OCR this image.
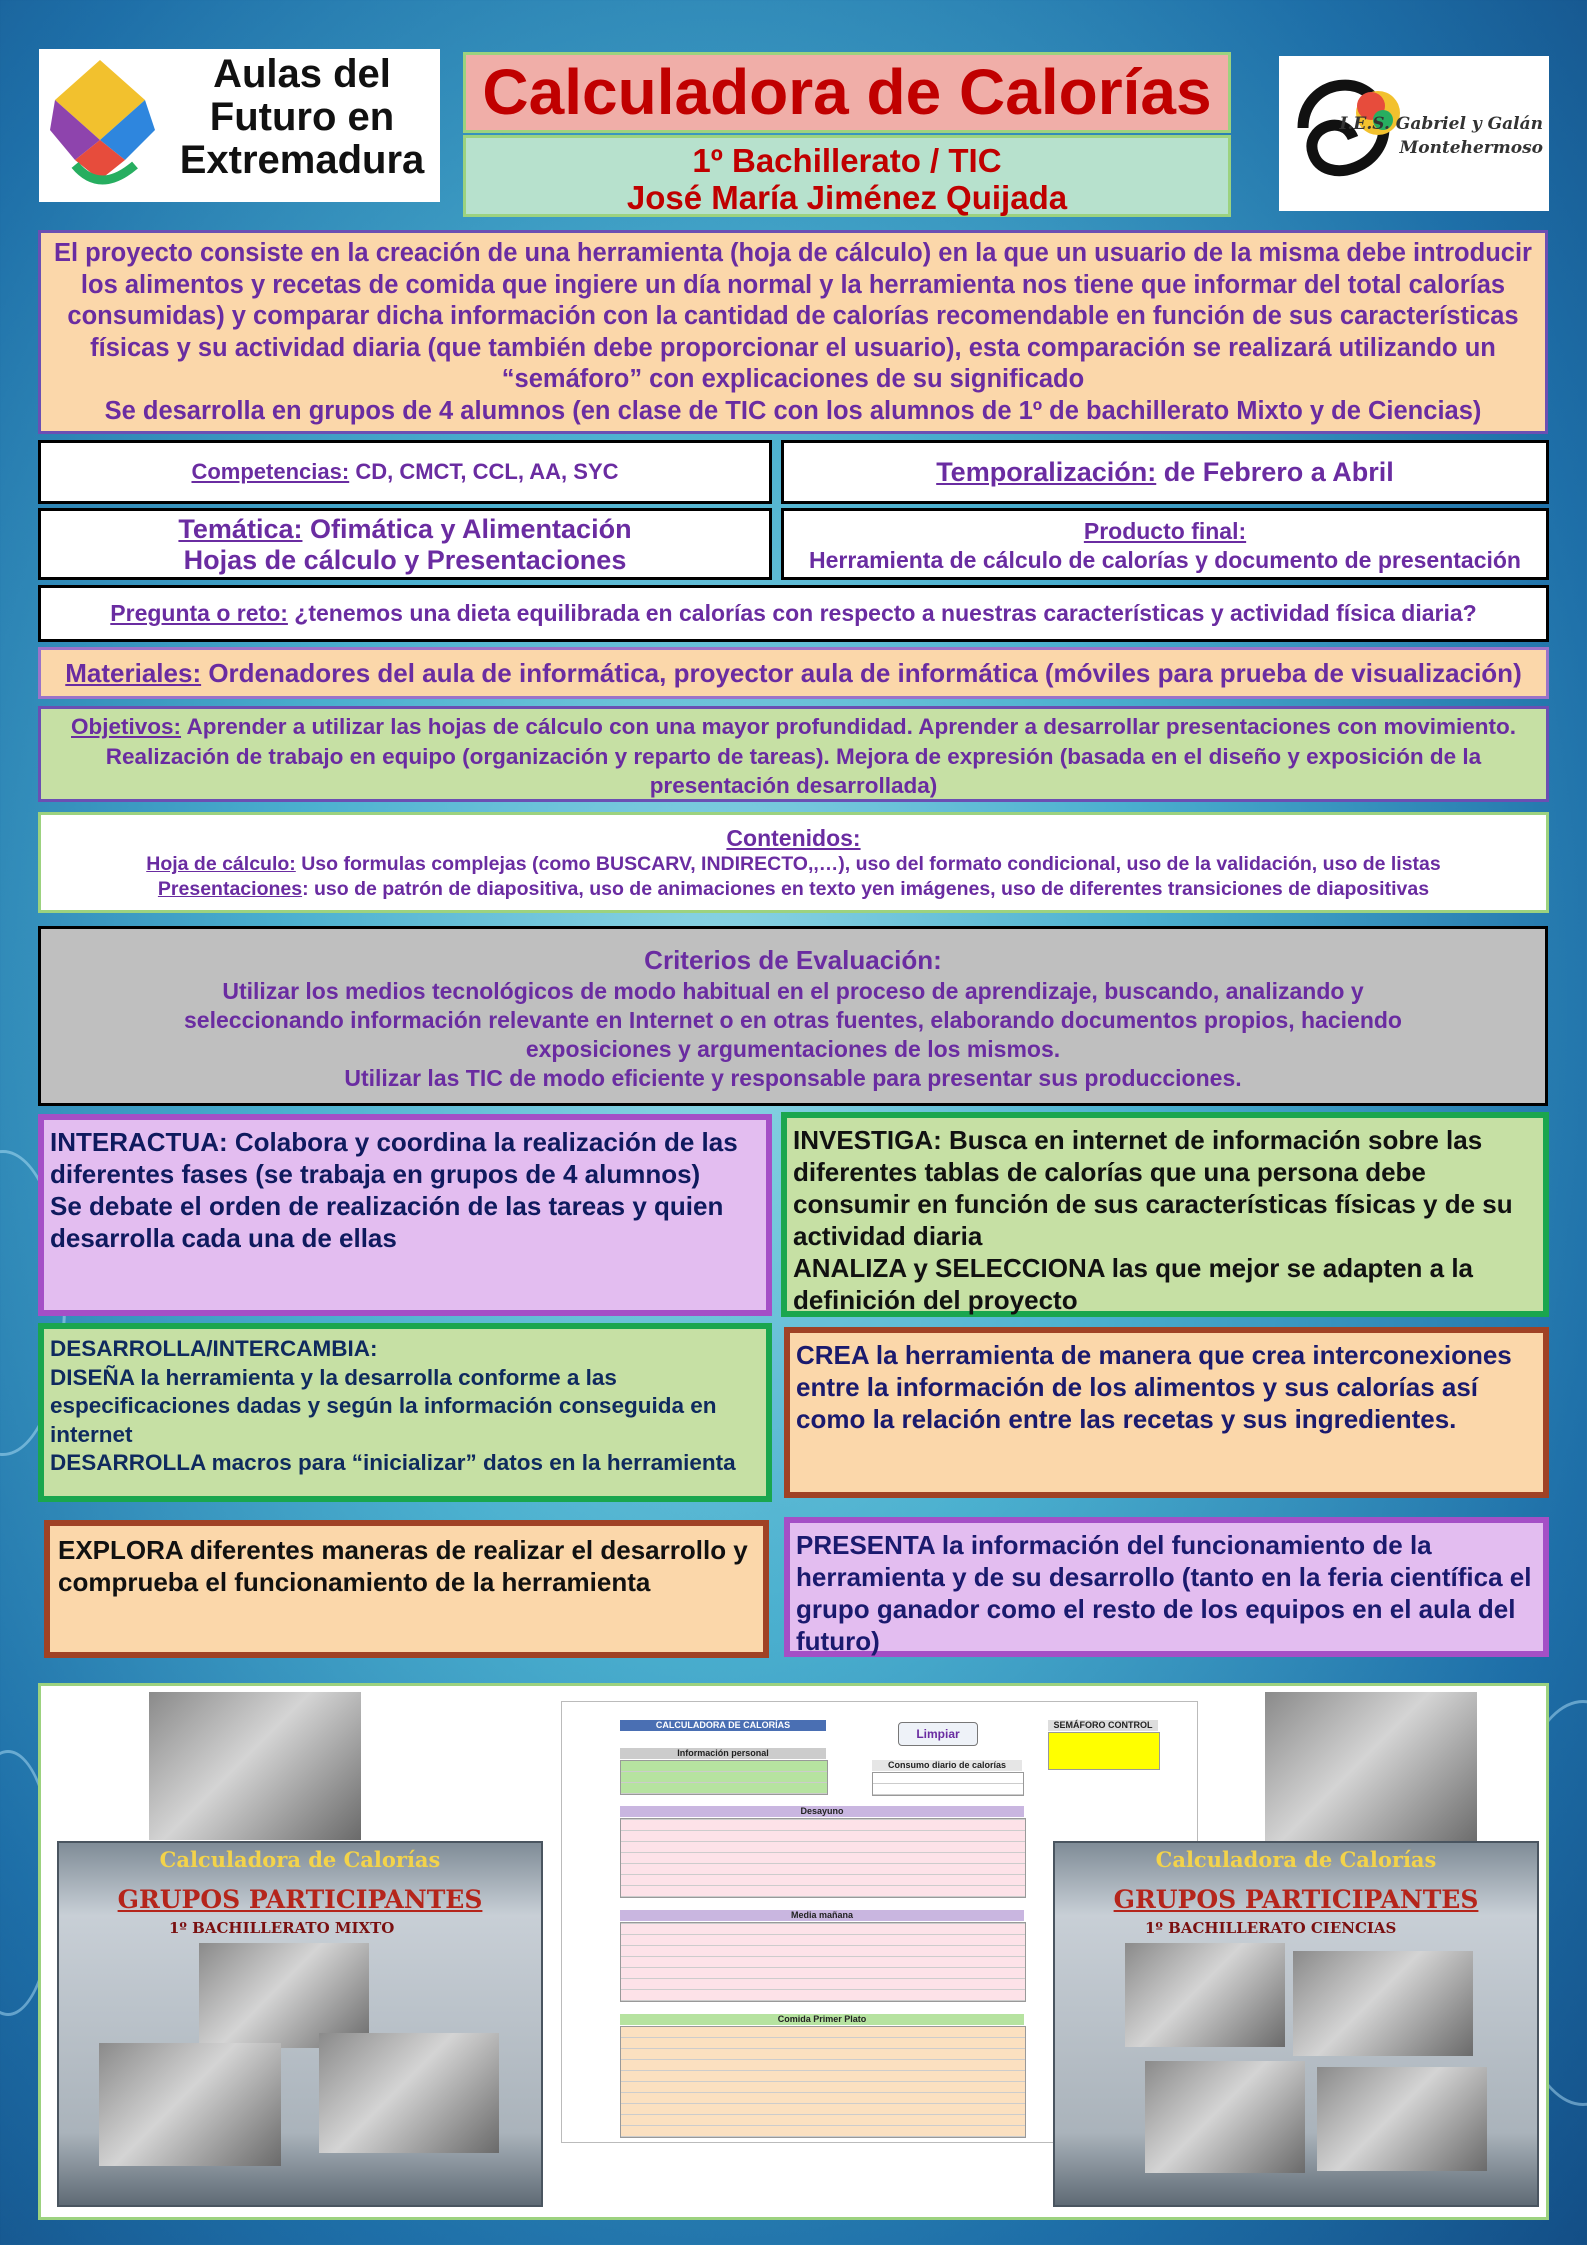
Aulas del Futuro en Extremadura
Calculadora de Calorías
1º Bachillerato / TIC
José María Jiménez Quijada
I.E.S. Gabriel y Galán
Montehermoso
El proyecto consiste en la creación de una herramienta (hoja de cálculo) en la que un usuario de la misma debe introducir los alimentos y recetas de comida que ingiere un día normal y la herramienta nos tiene que informar del total calorías consumidas) y comparar dicha información con la cantidad de calorías recomendable en función de sus características físicas y su actividad diaria (que también debe proporcionar el usuario), esta comparación se realizará utilizando un “semáforo” con explicaciones de su significado
Se desarrolla en grupos de 4 alumnos (en clase de TIC con los alumnos de 1º de bachillerato Mixto y de Ciencias)
Competencias: CD, CMCT, CCL, AA, SYC	Temporalización: de Febrero a Abril
Temática: Ofimática y Alimentación
Hojas de cálculo y Presentaciones
Producto final:
Herramienta de cálculo de calorías y documento de presentación
Pregunta o reto: ¿tenemos una dieta equilibrada en calorías con respecto a nuestras características y actividad física diaria?
Materiales: Ordenadores del aula de informática, proyector aula de informática (móviles para prueba de visualización)
Objetivos: Aprender a utilizar las hojas de cálculo con una mayor profundidad. Aprender a desarrollar presentaciones con movimiento. Realización de trabajo en equipo (organización y reparto de tareas). Mejora de expresión (basada en el diseño y exposición de la presentación desarrollada)
Contenidos:
Hoja de cálculo: Uso formulas complejas (como BUSCARV, INDIRECTO,,…), uso del formato condicional, uso de la validación, uso de listas
Presentaciones: uso de patrón de diapositiva, uso de animaciones en texto yen imágenes, uso de diferentes transiciones de diapositivas
Criterios de Evaluación:
Utilizar los medios tecnológicos de modo habitual en el proceso de aprendizaje, buscando, analizando y seleccionando información relevante en Internet o en otras fuentes, elaborando documentos propios, haciendo exposiciones y argumentaciones de los mismos.
Utilizar las TIC de modo eficiente y responsable para presentar sus producciones.
INTERACTUA: Colabora y coordina la realización de las diferentes fases (se trabaja en grupos de 4 alumnos)
Se debate el orden de realización de las tareas y quien desarrolla cada una de ellas
INVESTIGA: Busca en internet de información sobre las diferentes tablas de calorías que una persona debe consumir en función de sus características físicas y de su actividad diaria
ANALIZA y SELECCIONA las que mejor se adapten a la definición del proyecto
DESARROLLA/INTERCAMBIA:
DISEÑA la herramienta y la desarrolla conforme a las especificaciones dadas y según la información conseguida en internet
DESARROLLA macros para “inicializar” datos en la herramienta
CREA la herramienta de manera que crea interconexiones entre la información de los alimentos y sus calorías así como la relación entre las recetas y sus ingredientes.
EXPLORA diferentes maneras de realizar el desarrollo y comprueba el funcionamiento de la herramienta
PRESENTA la información del funcionamiento de la herramienta y de su desarrollo (tanto en la feria científica el grupo ganador como el resto de los equipos en el aula del futuro)
Calculadora de Calorías
GRUPOS PARTICIPANTES
1º BACHILLERATO MIXTO
CALCULADORA DE CALORÍAS
Limpiar
SEMÁFORO CONTROL
Información personal
Consumo diario de calorías
Desayuno
Media mañana
Comida Primer Plato
Calculadora de Calorías
GRUPOS PARTICIPANTES
1º BACHILLERATO CIENCIAS
